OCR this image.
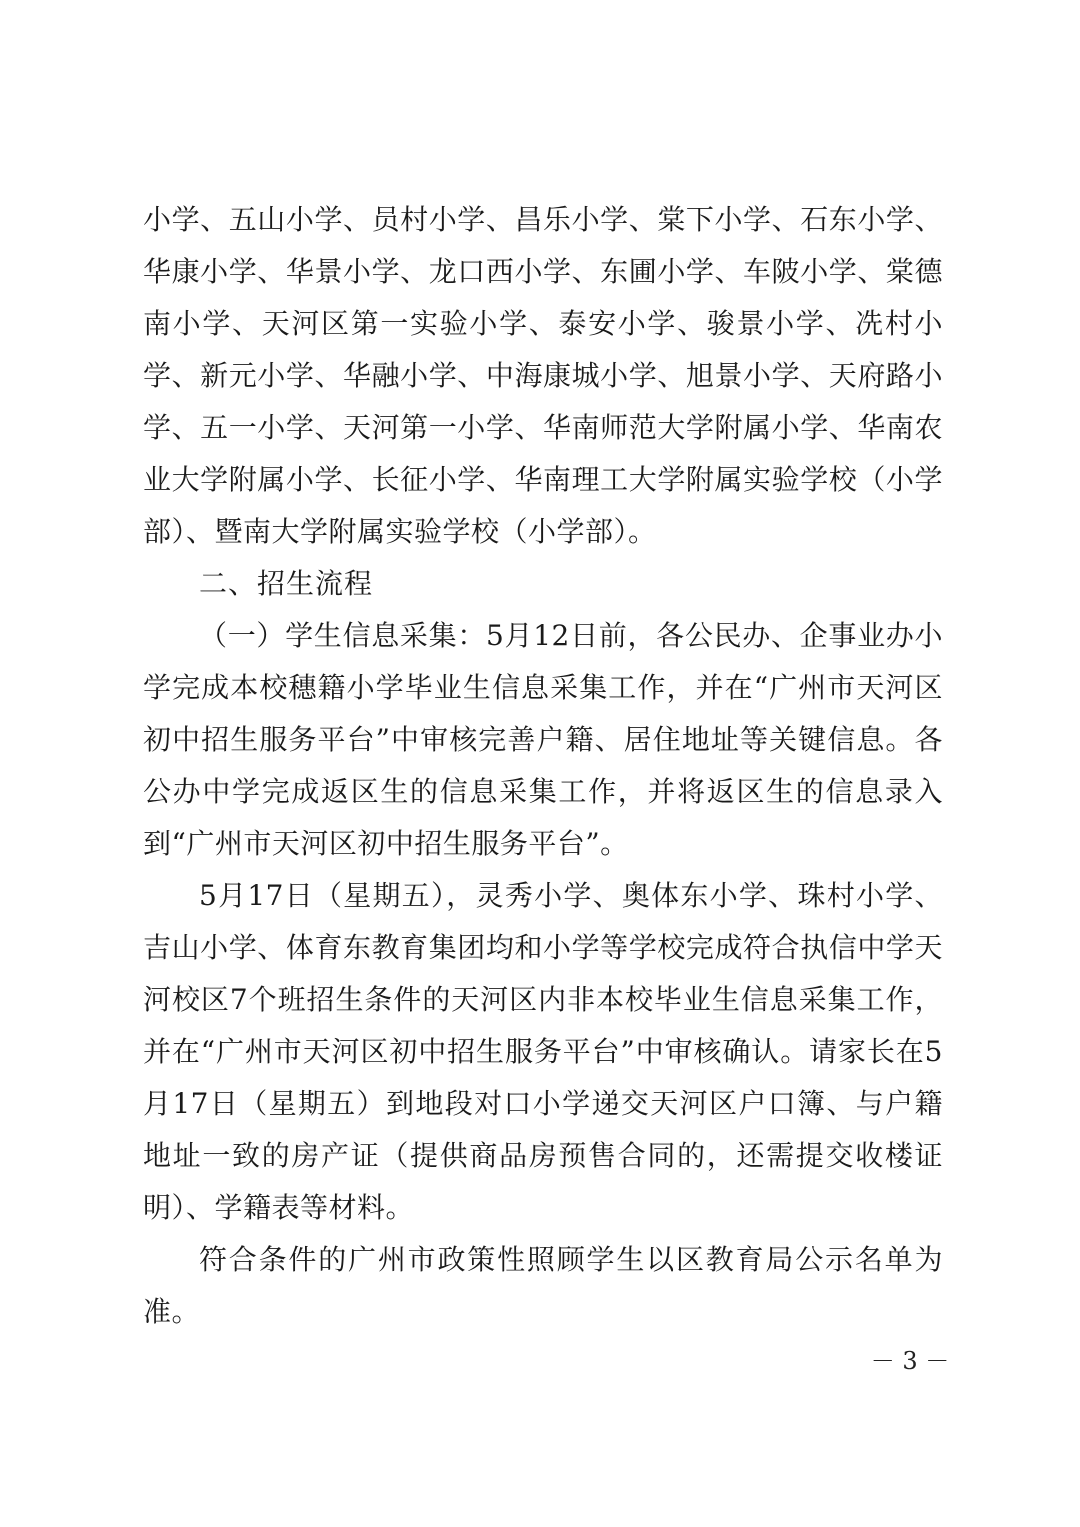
小学、五山小学、员村小学、昌乐小学、棠下小学、石东小学、华康小学、华景小学、龙口西小学、东圃小学、车陂小学、棠德南小学、天河区第一实验小学、泰安小学、骏景小学、冼村小学、新元小学、华融小学、中海康城小学、旭景小学、天府路小学、五一小学、天河第一小学、华南师范大学附属小学、华南农业大学附属小学、长征小学、华南理工大学附属实验学校（小学部）、暨南大学附属实验学校（小学部）。

二、招生流程

（一）学生信息采集：5月12日前，各公民办、企事业办小学完成本校穗籍小学毕业生信息采集工作，并在“广州市天河区初中招生服务平台”中审核完善户籍、居住地址等关键信息。各公办中学完成返区生的信息采集工作，并将返区生的信息录入到“广州市天河区初中招生服务平台”。

5月17日（星期五），灵秀小学、奥体东小学、珠村小学、吉山小学、体育东教育集团均和小学等学校完成符合执信中学天河校区7个班招生条件的天河区内非本校毕业生信息采集工作，并在“广州市天河区初中招生服务平台”中审核确认。请家长在5月17日（星期五）到地段对口小学递交天河区户口簿、与户籍地址一致的房产证（提供商品房预售合同的，还需提交收楼证明）、学籍表等材料。

符合条件的广州市政策性照顾学生以区教育局公示名单为准。

－ 3 －
